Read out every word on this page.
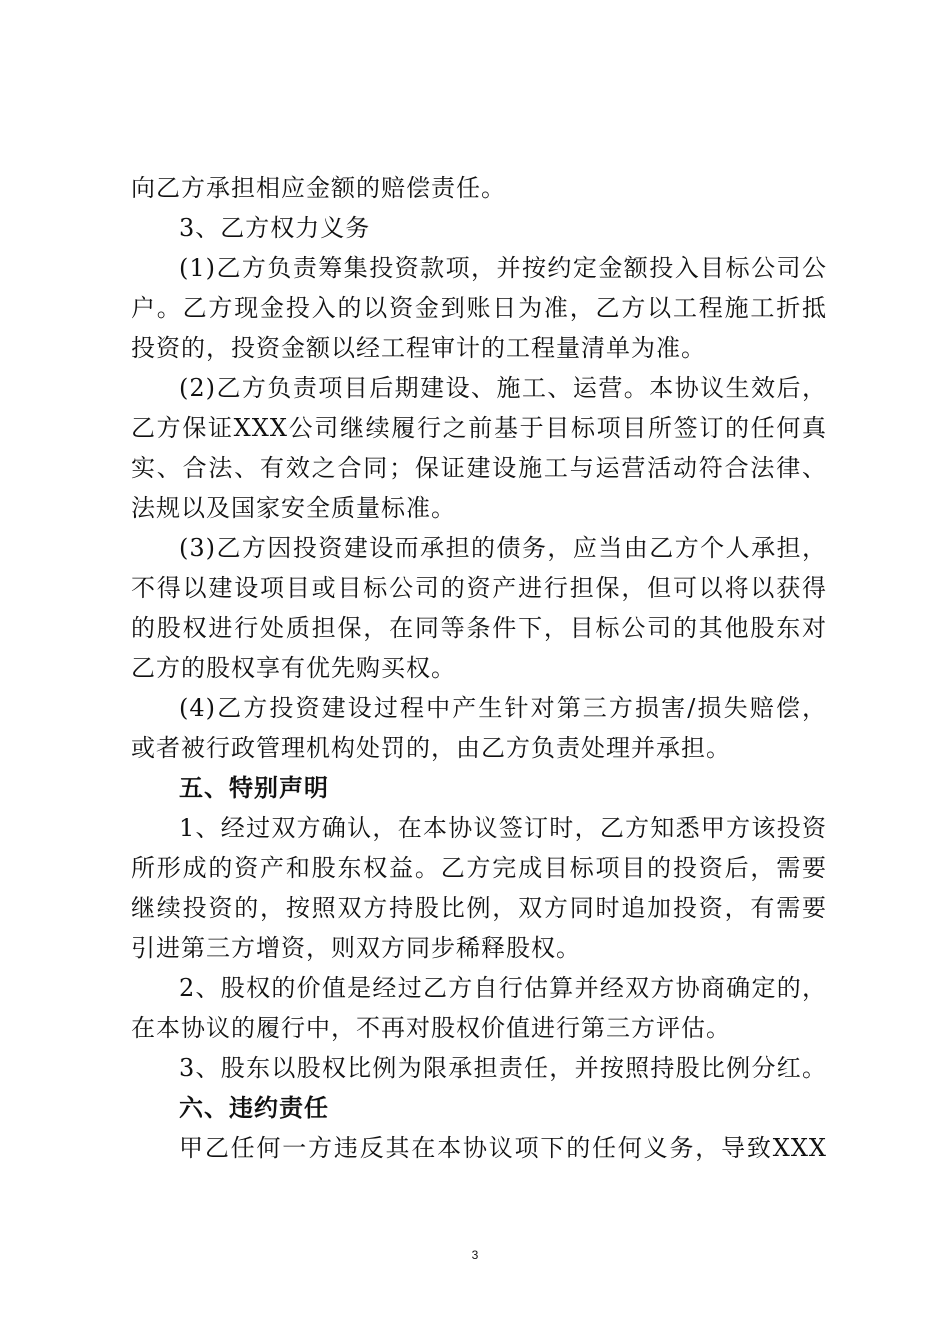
向乙方承担相应金额的赔偿责任。
3、乙方权力义务
(1)乙方负责筹集投资款项，并按约定金额投入目标公司公
户。乙方现金投入的以资金到账日为准，乙方以工程施工折抵
投资的，投资金额以经工程审计的工程量清单为准。
(2)乙方负责项目后期建设、施工、运营。本协议生效后，
乙方保证XXX公司继续履行之前基于目标项目所签订的任何真
实、合法、有效之合同；保证建设施工与运营活动符合法律、
法规以及国家安全质量标准。
(3)乙方因投资建设而承担的债务，应当由乙方个人承担，
不得以建设项目或目标公司的资产进行担保，但可以将以获得
的股权进行处质担保，在同等条件下，目标公司的其他股东对
乙方的股权享有优先购买权。
(4)乙方投资建设过程中产生针对第三方损害/损失赔偿，
或者被行政管理机构处罚的，由乙方负责处理并承担。
五、特别声明
1、经过双方确认，在本协议签订时，乙方知悉甲方该投资
所形成的资产和股东权益。乙方完成目标项目的投资后，需要
继续投资的，按照双方持股比例，双方同时追加投资，有需要
引进第三方增资，则双方同步稀释股权。
2、股权的价值是经过乙方自行估算并经双方协商确定的，
在本协议的履行中，不再对股权价值进行第三方评估。
3、股东以股权比例为限承担责任，并按照持股比例分红。
六、违约责任
甲乙任何一方违反其在本协议项下的任何义务，导致XXX
3
